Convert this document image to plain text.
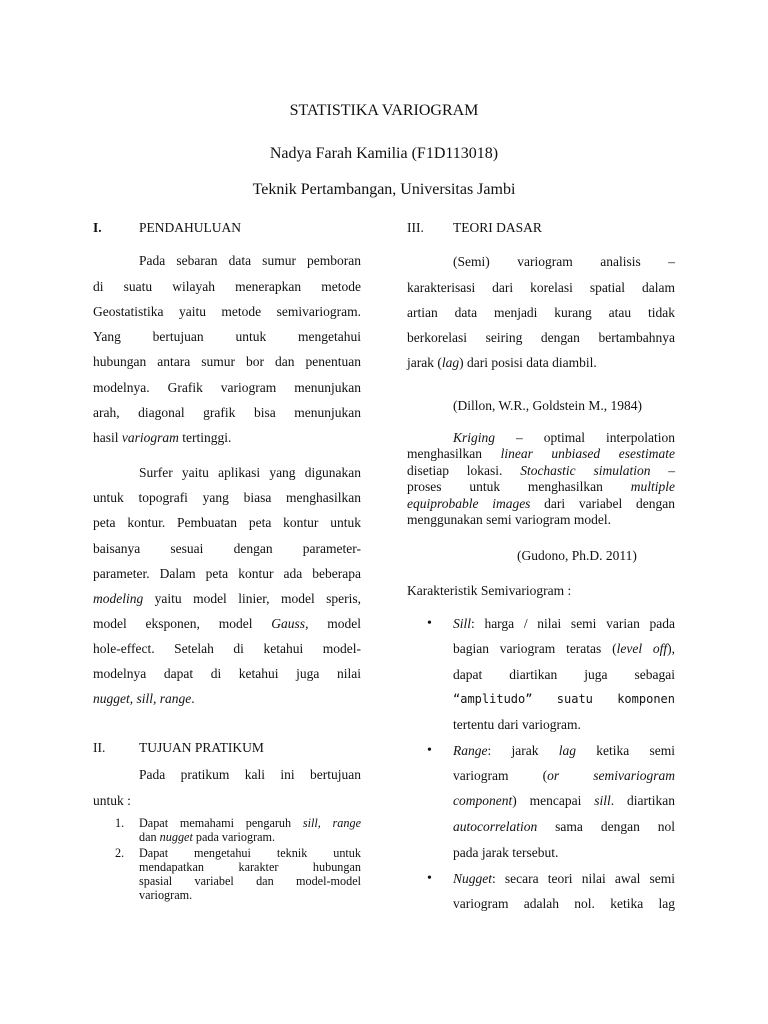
STATISTIKA VARIOGRAM
Nadya Farah Kamilia (F1D113018)
Teknik Pertambangan, Universitas Jambi
I.	PENDAHULUAN
Pada sebaran data sumur pemboran
di suatu wilayah menerapkan metode
Geostatistika yaitu metode semivariogram.
Yang bertujuan untuk mengetahui
hubungan antara sumur bor dan penentuan
modelnya. Grafik variogram menunjukan
arah, diagonal grafik bisa menunjukan
hasil variogram tertinggi.
Surfer yaitu aplikasi yang digunakan
untuk topografi yang biasa menghasilkan
peta kontur. Pembuatan peta kontur untuk
baisanya sesuai dengan parameter-
parameter. Dalam peta kontur ada beberapa
modeling yaitu model linier, model speris,
model eksponen, model Gauss, model
hole-effect. Setelah di ketahui model-
modelnya dapat di ketahui juga nilai
nugget, sill, range.
II. TUJUAN PRATIKUM
Pada pratikum kali ini bertujuan
untuk :
1. Dapat memahami pengaruh sill, range
dan nugget pada variogram.
2. Dapat mengetahui teknik untuk
mendapatkan karakter hubungan
spasial variabel dan model-model
variogram.
III. TEORI DASAR
(Semi) variogram analisis –
karakterisasi dari korelasi spatial dalam
artian data menjadi kurang atau tidak
berkorelasi seiring dengan bertambahnya
jarak (lag) dari posisi data diambil.
(Dillon, W.R., Goldstein M., 1984)
Kriging – optimal interpolation
menghasilkan linear unbiased esestimate
disetiap lokasi. Stochastic simulation –
proses untuk menghasilkan multiple
equiprobable images dari variabel dengan
menggunakan semi variogram model.
(Gudono, Ph.D. 2011)
Karakteristik Semivariogram :
• Sill: harga / nilai semi varian pada
bagian variogram teratas (level off),
dapat diartikan juga sebagai
“amplitudo” suatu komponen
tertentu dari variogram.
• Range: jarak lag ketika semi
variogram (or semivariogram
component) mencapai sill. diartikan
autocorrelation sama dengan nol
pada jarak tersebut.
• Nugget: secara teori nilai awal semi
variogram adalah nol. ketika lag
